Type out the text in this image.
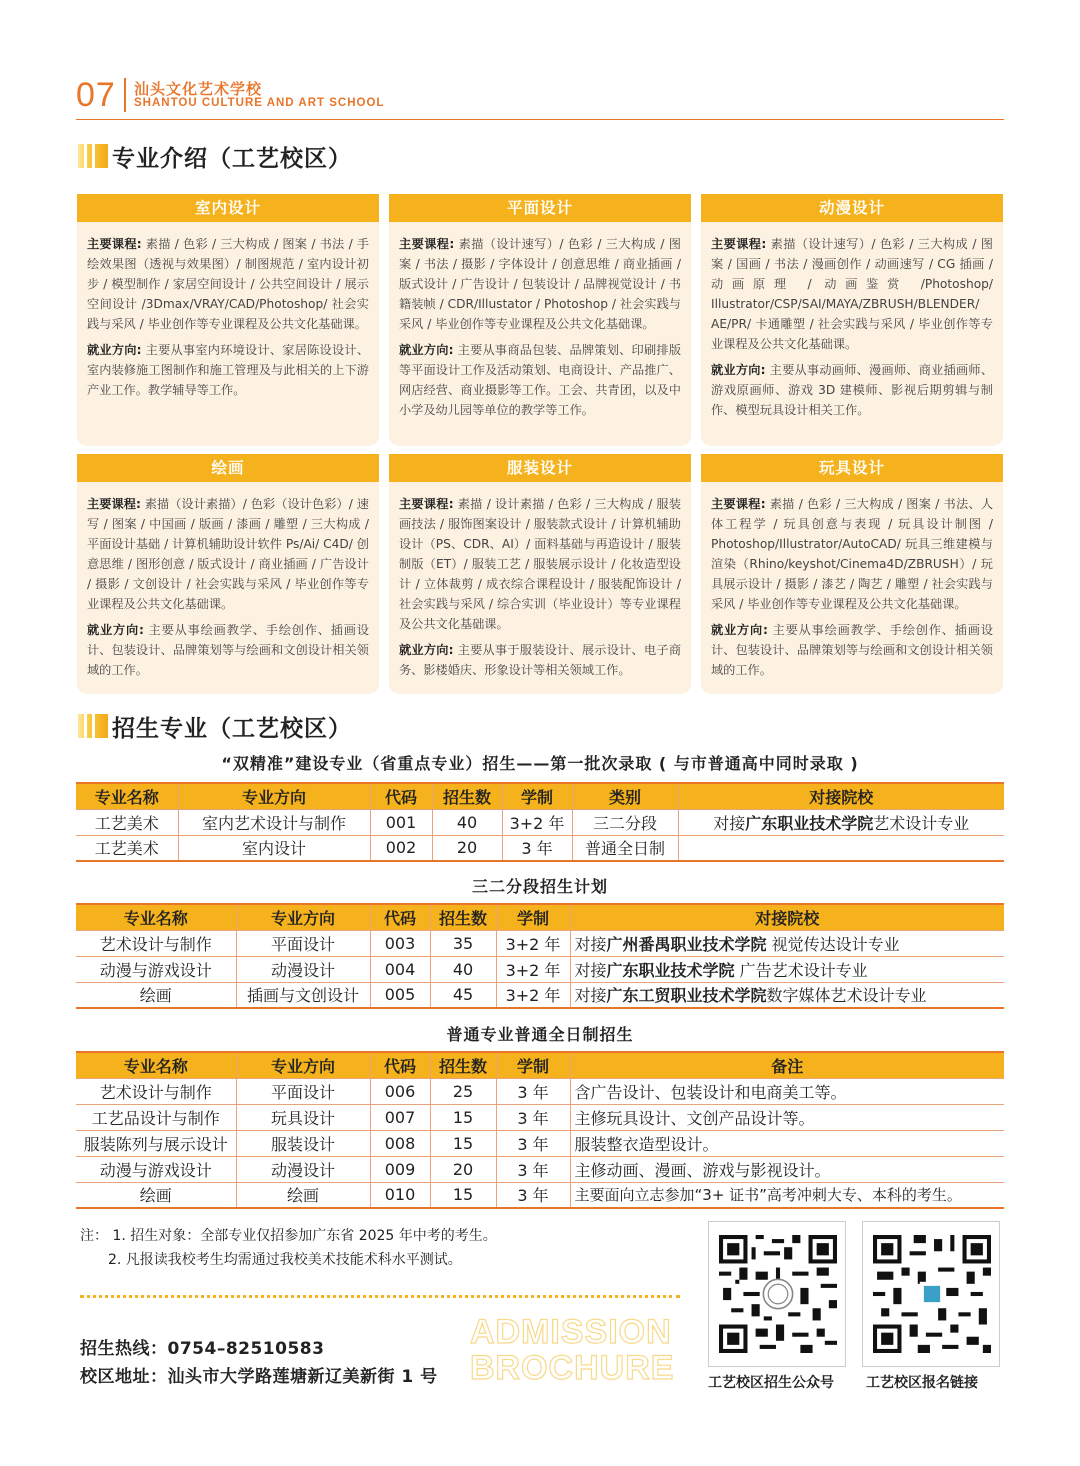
07 汕头文化艺术学校
SHANTOU CULTURE AND ART SCHOOL
专业介绍（工艺校区）
室内设计

主要课程: 素描 / 色彩 / 三大构成 / 图案 / 书法 / 手绘效果图（透视与效果图）/ 制图规范 / 室内设计初步 / 模型制作 / 家居空间设计 / 公共空间设计 / 展示空间设计 /3Dmax/VRAY/CAD/Photoshop/ 社会实践与采风 / 毕业创作等专业课程及公共文化基础课。

就业方向: 主要从事室内环境设计、家居陈设设计、室内装修施工图制作和施工管理及与此相关的上下游产业工作。教学辅导等工作。

平面设计

主要课程: 素描（设计速写）/ 色彩 / 三大构成 / 图案 / 书法 / 摄影 / 字体设计 / 创意思维 / 商业插画 / 版式设计 / 广告设计 / 包装设计 / 品牌视觉设计 / 书籍装帧 / CDR/Illustator / Photoshop / 社会实践与采风 / 毕业创作等专业课程及公共文化基础课。

就业方向: 主要从事商品包装、品牌策划、印刷排版等平面设计工作及活动策划、电商设计、产品推广、网店经营、商业摄影等工作。工会、共青团，以及中小学及幼儿园等单位的教学等工作。

动漫设计

主要课程: 素描（设计速写）/ 色彩 / 三大构成 / 图案 / 国画 / 书法 / 漫画创作 / 动画速写 / CG 插画 / 动画原理 / 动画鉴赏 /Photoshop/ Illustrator/CSP/SAI/MAYA/ZBRUSH/BLENDER/ AE/PR/ 卡通雕塑 / 社会实践与采风 / 毕业创作等专业课程及公共文化基础课。

就业方向: 主要从事动画师、漫画师、商业插画师、游戏原画师、游戏 3D 建模师、影视后期剪辑与制作、模型玩具设计相关工作。

绘画

主要课程: 素描（设计素描）/ 色彩（设计色彩）/ 速写 / 图案 / 中国画 / 版画 / 漆画 / 雕塑 / 三大构成 / 平面设计基础 / 计算机辅助设计软件 Ps/Ai/ C4D/ 创意思维 / 图形创意 / 版式设计 / 商业插画 / 广告设计 / 摄影 / 文创设计 / 社会实践与采风 / 毕业创作等专业课程及公共文化基础课。

就业方向: 主要从事绘画教学、手绘创作、插画设计、包装设计、品牌策划等与绘画和文创设计相关领域的工作。

服装设计

主要课程: 素描 / 设计素描 / 色彩 / 三大构成 / 服装画技法 / 服饰图案设计 / 服装款式设计 / 计算机辅助设计（PS、CDR、AI）/ 面料基础与再造设计 / 服装制版（ET）/ 服装工艺 / 服装展示设计 / 化妆造型设计 / 立体裁剪 / 成衣综合课程设计 / 服装配饰设计 / 社会实践与采风 / 综合实训（毕业设计）等专业课程及公共文化基础课。

就业方向: 主要从事于服装设计、展示设计、电子商务、影楼婚庆、形象设计等相关领域工作。

玩具设计

主要课程: 素描 / 色彩 / 三大构成 / 图案 / 书法、人体工程学 / 玩具创意与表现 / 玩具设计制图 / Photoshop/Illustrator/AutoCAD/ 玩具三维建模与渲染（Rhino/keyshot/Cinema4D/ZBRUSH）/ 玩具展示设计 / 摄影 / 漆艺 / 陶艺 / 雕塑 / 社会实践与采风 / 毕业创作等专业课程及公共文化基础课。

就业方向: 主要从事绘画教学、手绘创作、插画设计、包装设计、品牌策划等与绘画和文创设计相关领域的工作。

招生专业（工艺校区）
“双精准”建设专业（省重点专业）招生——第一批次录取 ( 与市普通高中同时录取 )
专业名称	专业方向	代码	招生数	学制	类别	对接院校
工艺美术	室内艺术设计与制作	001	40	3+2 年	三二分段	对接广东职业技术学院艺术设计专业
工艺美术	室内设计	002	20	3 年	普通全日制	
三二分段招生计划
专业名称	专业方向	代码	招生数	学制	对接院校
艺术设计与制作	平面设计	003	35	3+2 年	对接广州番禺职业技术学院 视觉传达设计专业
动漫与游戏设计	动漫设计	004	40	3+2 年	对接广东职业技术学院 广告艺术设计专业
绘画	插画与文创设计	005	45	3+2 年	对接广东工贸职业技术学院数字媒体艺术设计专业
普通专业普通全日制招生
专业名称	专业方向	代码	招生数	学制	备注
艺术设计与制作	平面设计	006	25	3 年	含广告设计、包装设计和电商美工等。
工艺品设计与制作	玩具设计	007	15	3 年	主修玩具设计、文创产品设计等。
服装陈列与展示设计	服装设计	008	15	3 年	服装整衣造型设计。
动漫与游戏设计	动漫设计	009	20	3 年	主修动画、漫画、游戏与影视设计。
绘画	绘画	010	15	3 年	主要面向立志参加“3+ 证书”高考冲刺大专、本科的考生。
注： 1. 招生对象：全部专业仅招参加广东省 2025 年中考的考生。
2. 凡报读我校考生均需通过我校美术技能术科水平测试。
招生热线：0754–82510583
校区地址：汕头市大学路莲塘新辽美新街 1 号
ADMISSION
BROCHURE 工艺校区招生公众号 工艺校区报名链接
